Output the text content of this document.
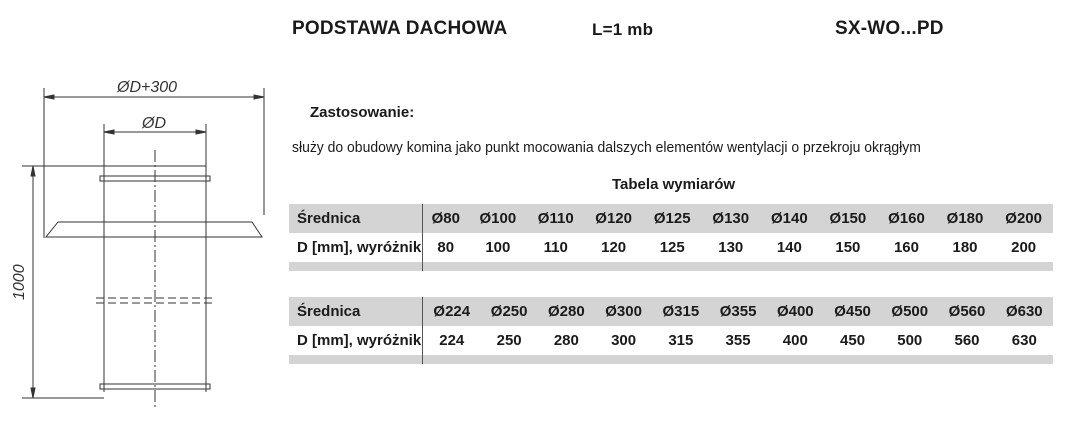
PODSTAWA DACHOWA	L=1 mb	SX-WO...PD
ØD+300
ØD
1000
Zastosowanie:
służy do obudowy komina jako punkt mocowania dalszych elementów wentylacji o przekroju okrągłym
Tabela wymiarów
Średnica	Ø80	Ø100	Ø110	Ø120	Ø125	Ø130	Ø140	Ø150	Ø160	Ø180	Ø200
D [mm], wyróżnik	80	100	110	120	125	130	140	150	160	180	200

Średnica	Ø224	Ø250	Ø280	Ø300	Ø315	Ø355	Ø400	Ø450	Ø500	Ø560	Ø630
D [mm], wyróżnik	224	250	280	300	315	355	400	450	500	560	630
